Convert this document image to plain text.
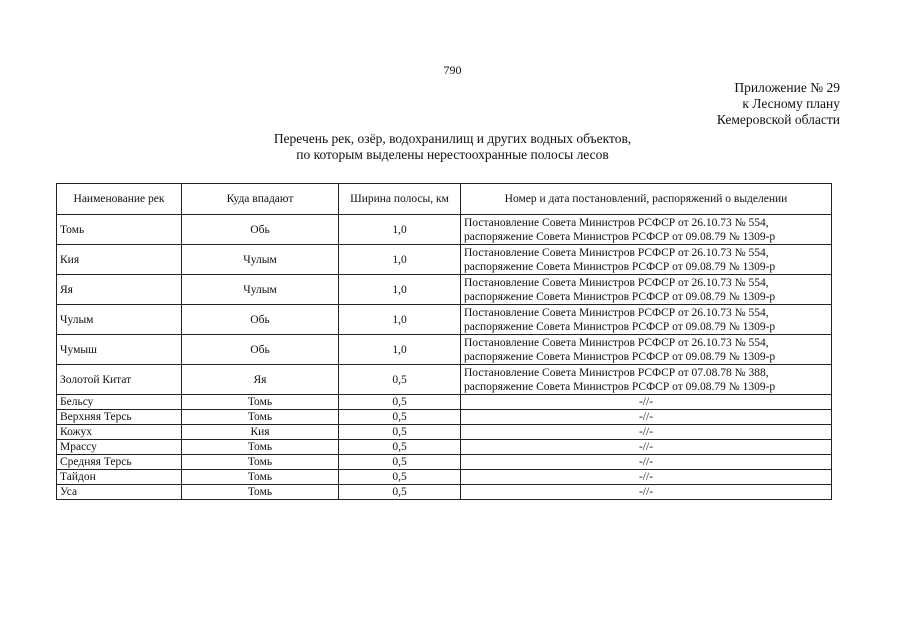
790
Приложение № 29
к Лесному плану
Кемеровской области
Перечень рек, озёр, водохранилищ и других водных объектов,
по которым выделены нерестоохранные полосы лесов
Наименование рек	Куда впадают	Ширина полосы, км	Номер и дата постановлений, распоряжений о выделении
Томь	Обь	1,0	Постановление Совета Министров РСФСР от 26.10.73 № 554,
распоряжение Совета Министров РСФСР от 09.08.79 № 1309-р

Кия	Чулым	1,0	Постановление Совета Министров РСФСР от 26.10.73 № 554,
распоряжение Совета Министров РСФСР от 09.08.79 № 1309-р

Яя	Чулым	1,0	Постановление Совета Министров РСФСР от 26.10.73 № 554,
распоряжение Совета Министров РСФСР от 09.08.79 № 1309-р

Чулым	Обь	1,0	Постановление Совета Министров РСФСР от 26.10.73 № 554,
распоряжение Совета Министров РСФСР от 09.08.79 № 1309-р

Чумыш	Обь	1,0	Постановление Совета Министров РСФСР от 26.10.73 № 554,
распоряжение Совета Министров РСФСР от 09.08.79 № 1309-р

Золотой Китат	Яя	0,5	Постановление Совета Министров РСФСР от 07.08.78 № 388,
распоряжение Совета Министров РСФСР от 09.08.79 № 1309-р

Бельсу	Томь	0,5	-//-
Верхняя Терсь	Томь	0,5	-//-
Кожух	Кия	0,5	-//-
Мрассу	Томь	0,5	-//-
Средняя Терсь	Томь	0,5	-//-
Тайдон	Томь	0,5	-//-
Уса	Томь	0,5	-//-
